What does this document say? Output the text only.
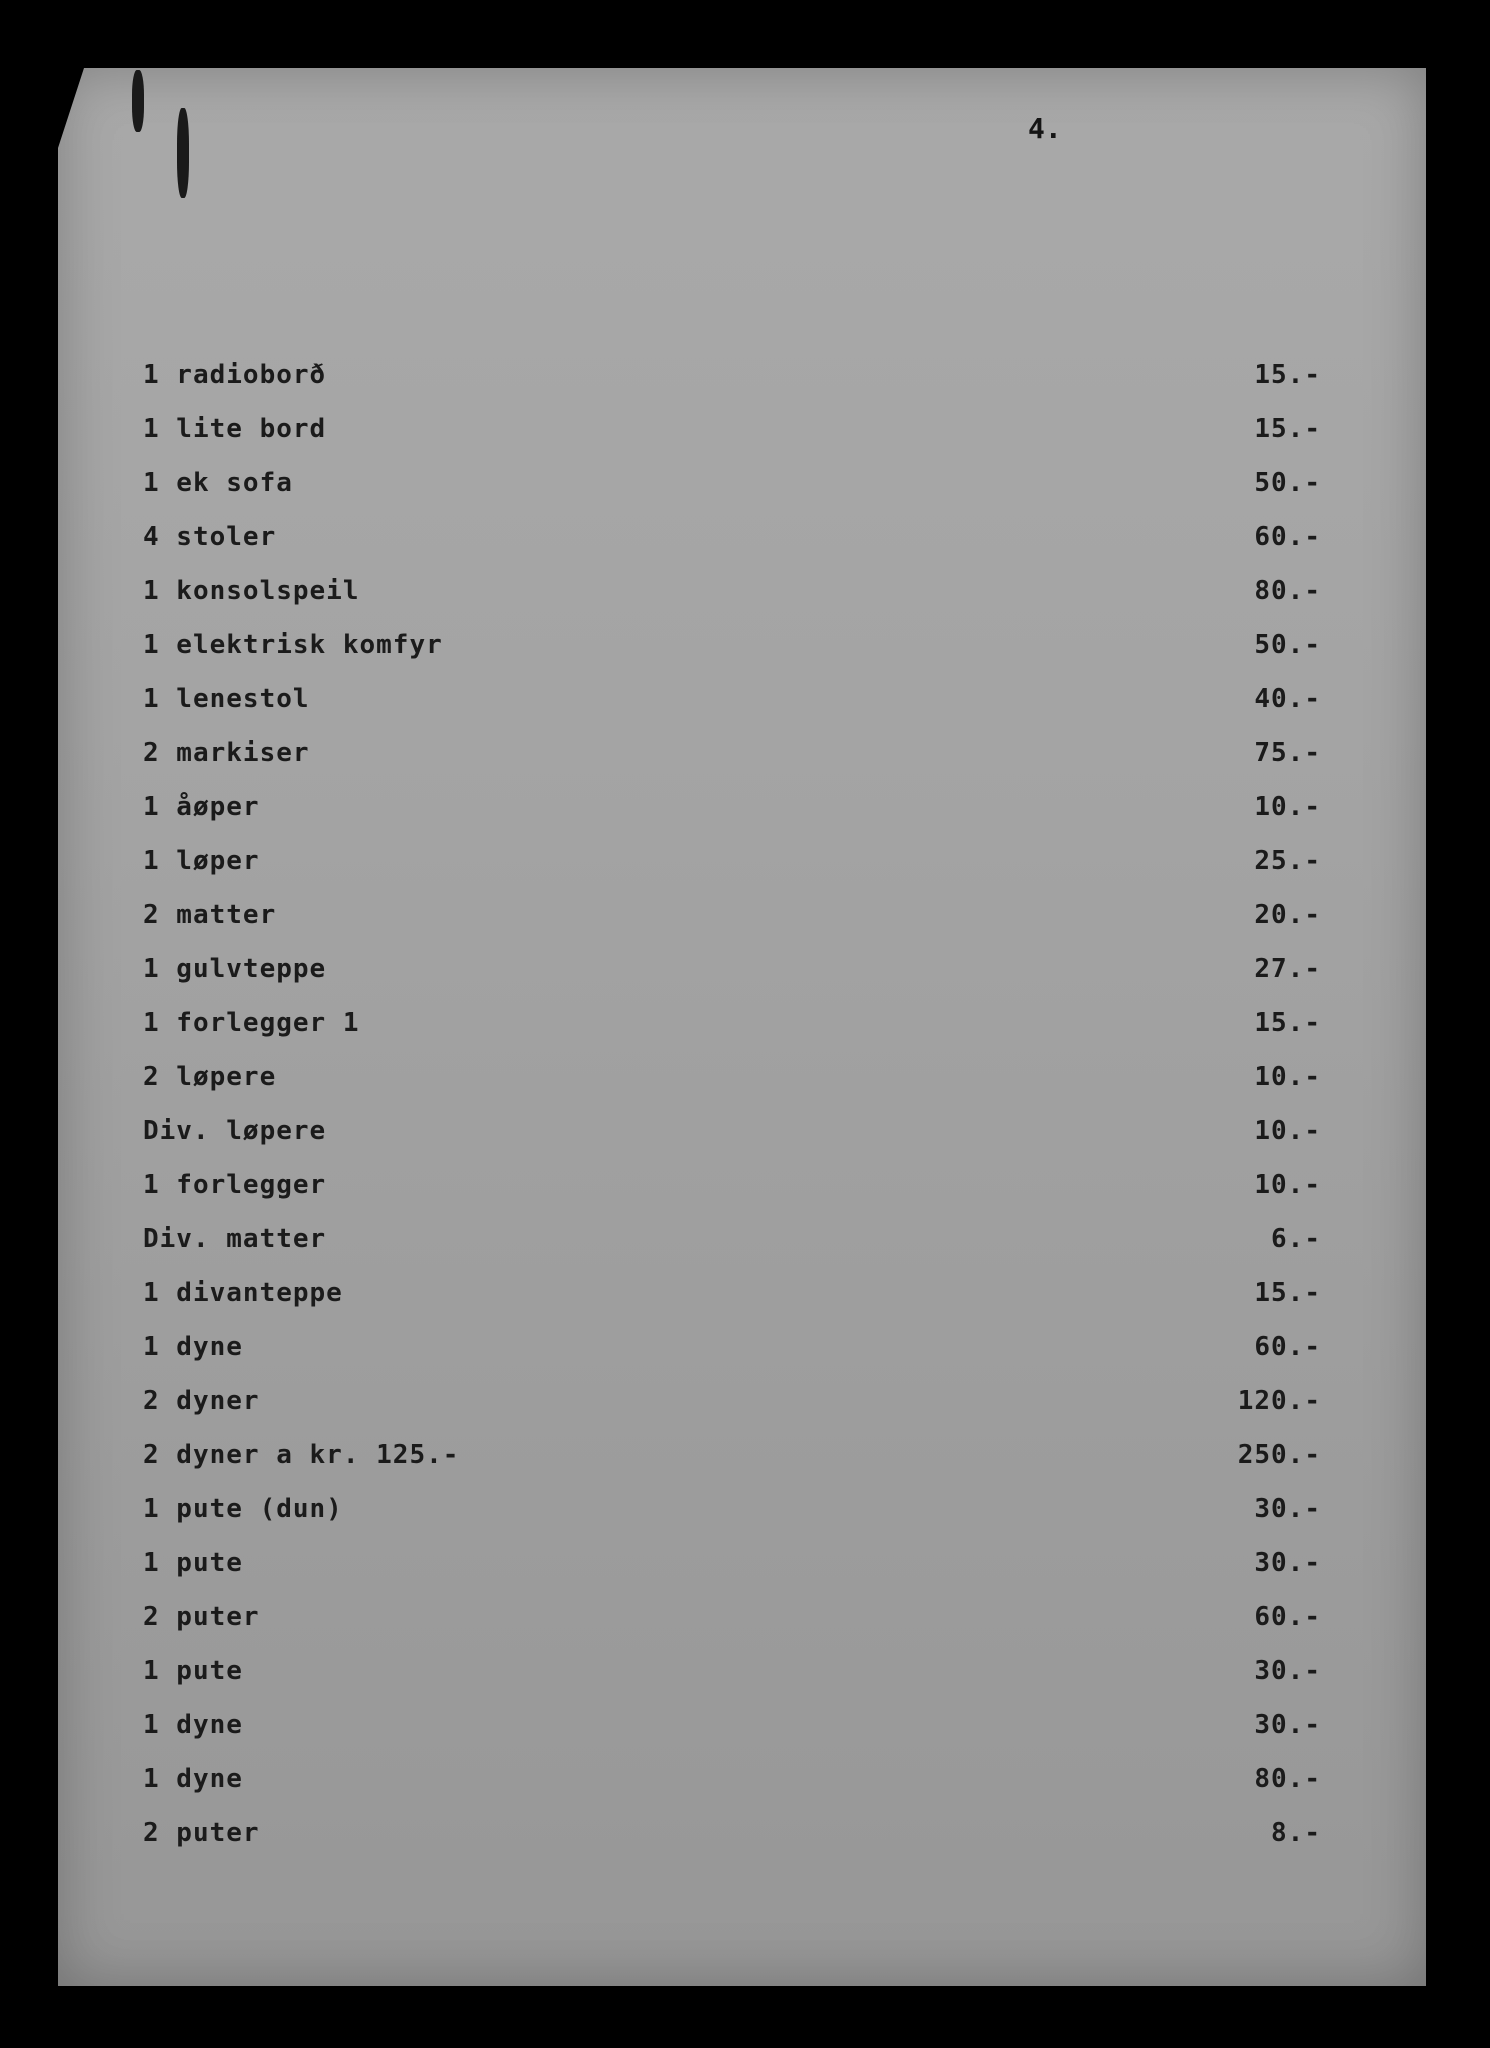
4.
1 radioborð	15.-
1 lite bord	15.-
1 ek sofa	50.-
4 stoler	60.-
1 konsolspeil	80.-
1 elektrisk komfyr	50.-
1 lenestol	40.-
2 markiser	75.-
1 åøper	10.-
1 løper	25.-
2 matter	20.-
1 gulvteppe	27.-
1 forlegger 1	15.-
2 løpere	10.-
Div. løpere	10.-
1 forlegger	10.-
Div. matter	6.-
1 divanteppe	15.-
1 dyne	60.-
2 dyner	120.-
2 dyner a kr. 125.-	250.-
1 pute (dun)	30.-
1 pute	30.-
2 puter	60.-
1 pute	30.-
1 dyne	30.-
1 dyne	80.-
2 puter	8.-
